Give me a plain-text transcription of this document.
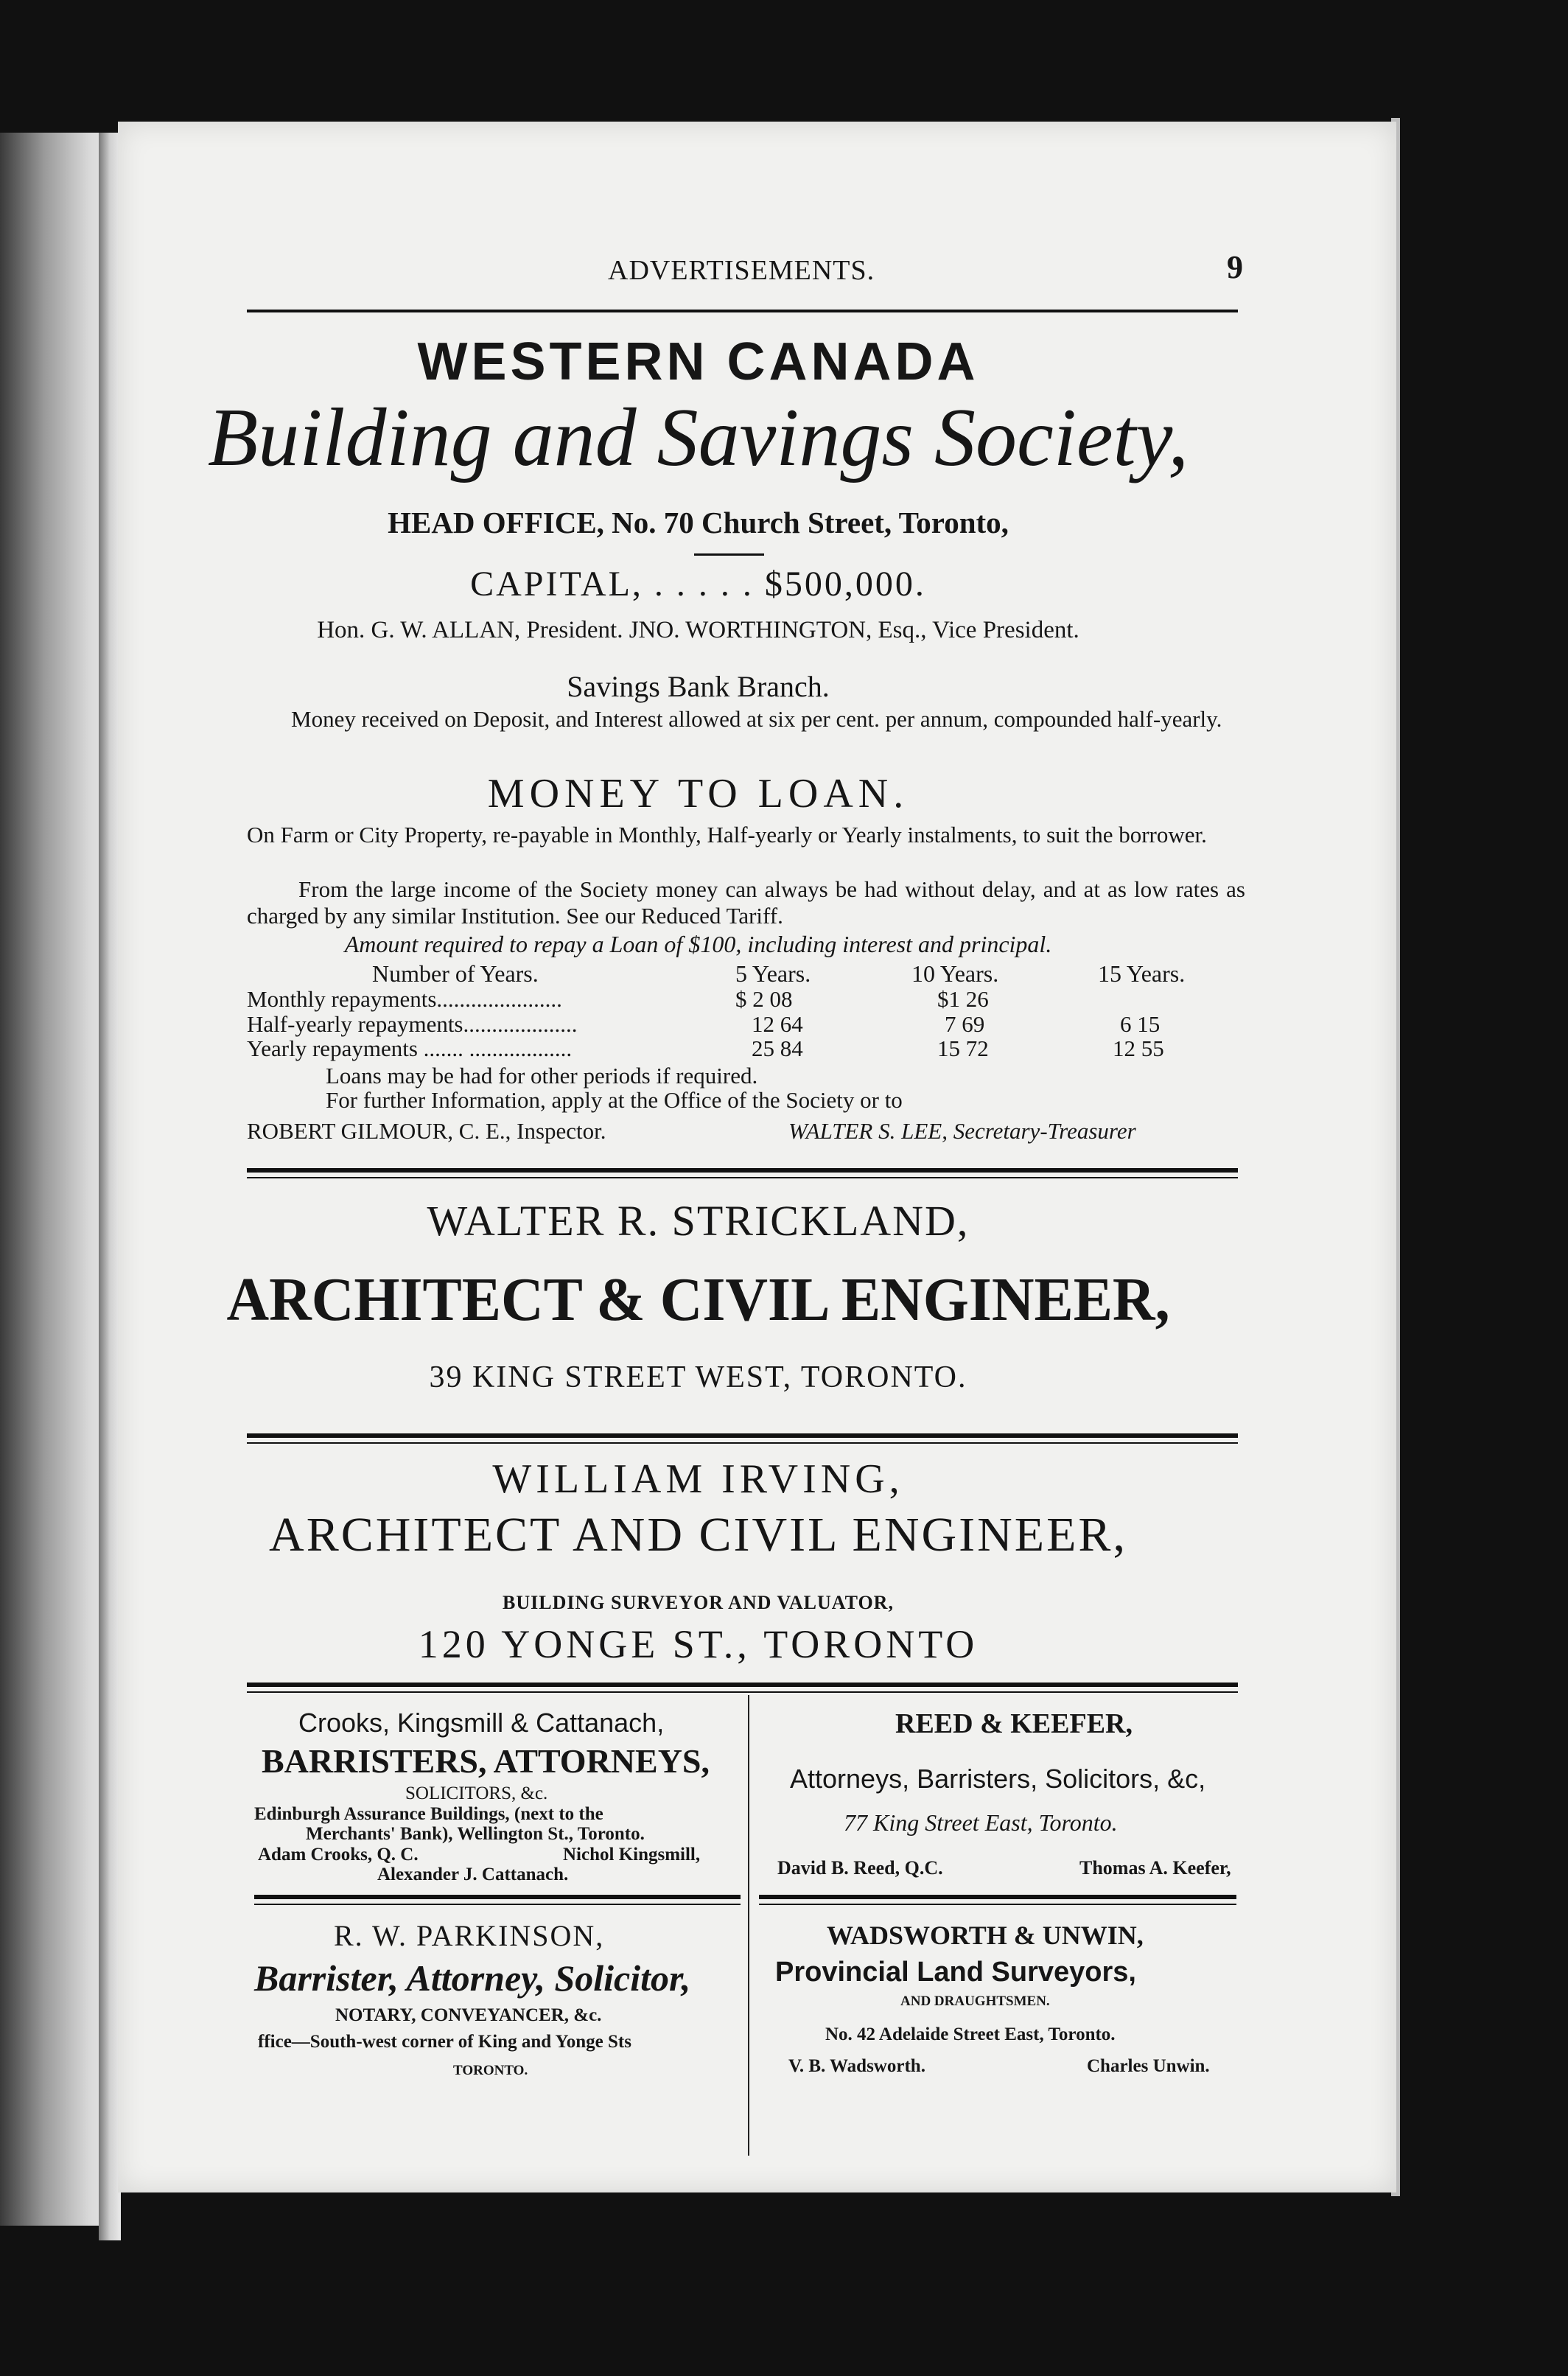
ADVERTISEMENTS.	9
WESTERN CANADA
Building and Savings Society,
HEAD OFFICE, No. 70 Church Street, Toronto,
CAPITAL, . . . . . $500,000.
Hon. G. W. ALLAN, President. JNO. WORTHINGTON, Esq., Vice President.
Savings Bank Branch.
Money received on Deposit, and Interest allowed at six per cent. per annum, compounded half-yearly.
MONEY TO LOAN.
On Farm or City Property, re-payable in Monthly, Half-yearly or Yearly instalments, to suit the borrower.
From the large income of the Society money can always be had without delay, and at as low rates as charged by any similar Institution. See our Reduced Tariff.
Amount required to repay a Loan of $100, including interest and principal.
Number of Years.	5 Years.	10 Years.	15 Years.
Monthly repayments......................	$ 2 08	$1 26
Half-yearly repayments....................	12 64	7 69	6 15
Yearly repayments ....... ..................	25 84	15 72	12 55
Loans may be had for other periods if required.
For further Information, apply at the Office of the Society or to
ROBERT GILMOUR, C. E., Inspector.	WALTER S. LEE, Secretary-Treasurer
WALTER R. STRICKLAND,
ARCHITECT & CIVIL ENGINEER,
39 KING STREET WEST, TORONTO.
WILLIAM IRVING,
ARCHITECT AND CIVIL ENGINEER,
BUILDING SURVEYOR AND VALUATOR,
120 YONGE ST., TORONTO
Crooks, Kingsmill & Cattanach,
BARRISTERS, ATTORNEYS,
SOLICITORS, &c.
Edinburgh Assurance Buildings, (next to the
Merchants' Bank), Wellington St., Toronto.
Adam Crooks, Q. C.	Nichol Kingsmill,
Alexander J. Cattanach.
REED & KEEFER,
Attorneys, Barristers, Solicitors, &c,
77 King Street East, Toronto.
David B. Reed, Q.C.	Thomas A. Keefer,
R. W. PARKINSON,
Barrister, Attorney, Solicitor,
NOTARY, CONVEYANCER, &c.
ffice—South-west corner of King and Yonge Sts
TORONTO.
WADSWORTH & UNWIN,
Provincial Land Surveyors,
AND DRAUGHTSMEN.
No. 42 Adelaide Street East, Toronto.
V. B. Wadsworth.	Charles Unwin.
